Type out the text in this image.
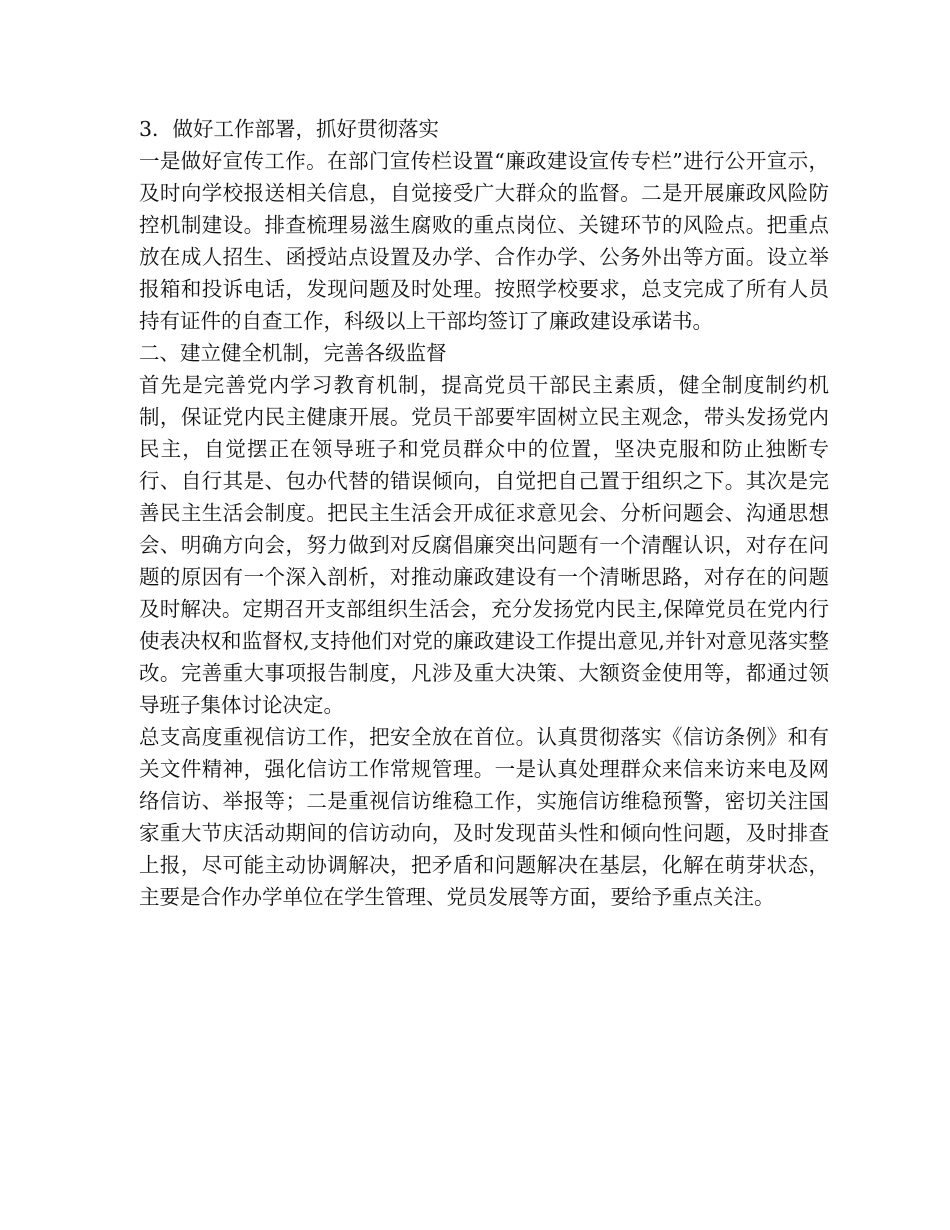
3．做好工作部署，抓好贯彻落实

一是做好宣传工作。在部门宣传栏设置“廉政建设宣传专栏”进行公开宣示，及时向学校报送相关信息，自觉接受广大群众的监督。二是开展廉政风险防控机制建设。排查梳理易滋生腐败的重点岗位、关键环节的风险点。把重点放在成人招生、函授站点设置及办学、合作办学、公务外出等方面。设立举报箱和投诉电话，发现问题及时处理。按照学校要求，总支完成了所有人员持有证件的自查工作，科级以上干部均签订了廉政建设承诺书。

二、建立健全机制，完善各级监督

首先是完善党内学习教育机制，提高党员干部民主素质，健全制度制约机制，保证党内民主健康开展。党员干部要牢固树立民主观念，带头发扬党内民主，自觉摆正在领导班子和党员群众中的位置，坚决克服和防止独断专行、自行其是、包办代替的错误倾向，自觉把自己置于组织之下。其次是完善民主生活会制度。把民主生活会开成征求意见会、分析问题会、沟通思想会、明确方向会，努力做到对反腐倡廉突出问题有一个清醒认识，对存在问题的原因有一个深入剖析，对推动廉政建设有一个清晰思路，对存在的问题及时解决。定期召开支部组织生活会，充分发扬党内民主,保障党员在党内行使表决权和监督权,支持他们对党的廉政建设工作提出意见,并针对意见落实整改。完善重大事项报告制度，凡涉及重大决策、大额资金使用等，都通过领导班子集体讨论决定。

总支高度重视信访工作，把安全放在首位。认真贯彻落实《信访条例》和有关文件精神，强化信访工作常规管理。一是认真处理群众来信来访来电及网络信访、举报等；二是重视信访维稳工作，实施信访维稳预警，密切关注国家重大节庆活动期间的信访动向，及时发现苗头性和倾向性问题，及时排查上报，尽可能主动协调解决，把矛盾和问题解决在基层，化解在萌芽状态，主要是合作办学单位在学生管理、党员发展等方面，要给予重点关注。
